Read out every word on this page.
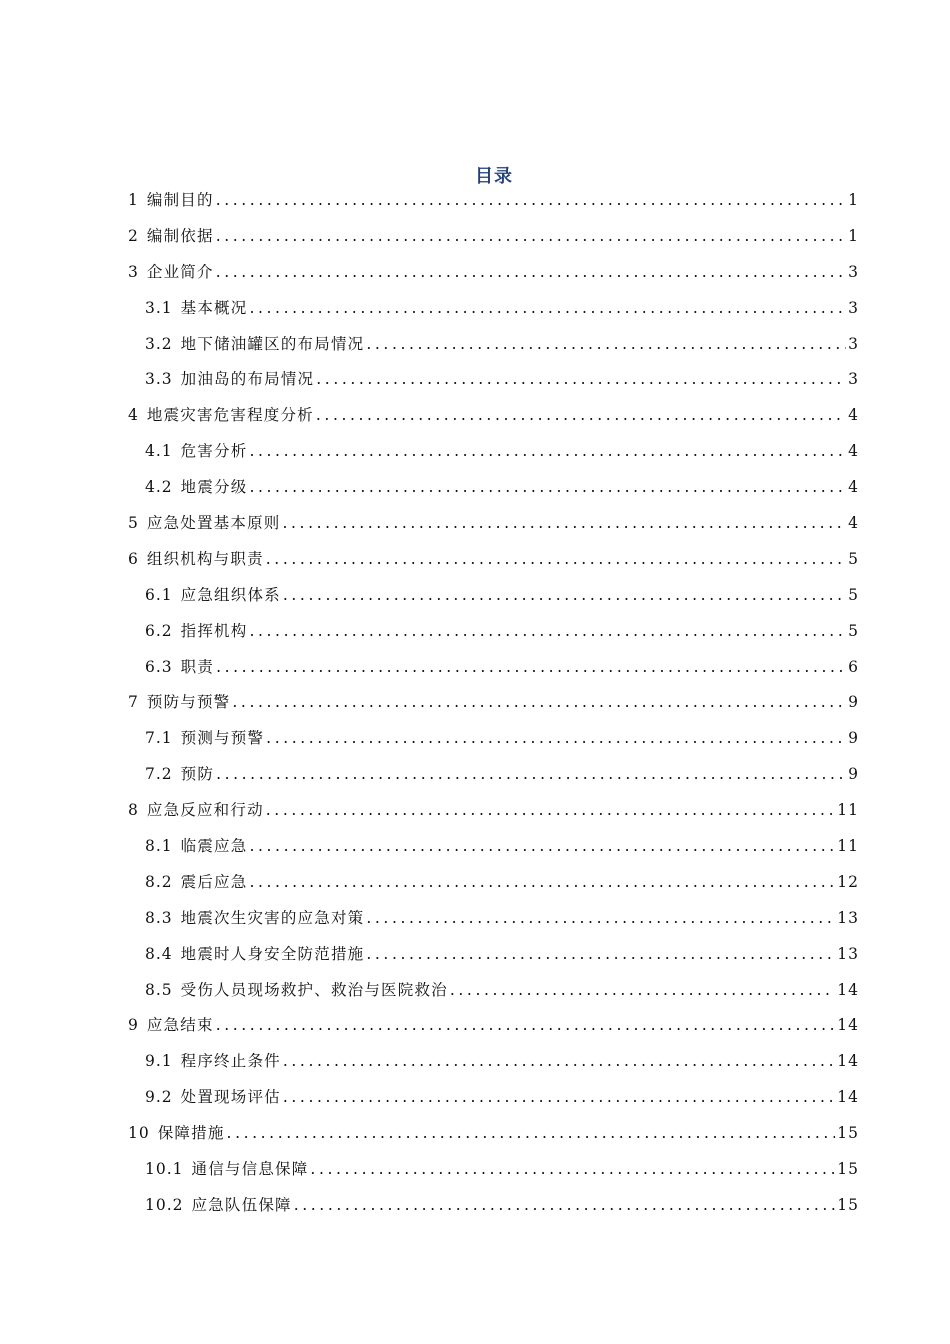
目录
1 编制目的 .....	1
2 编制依据 .....	1
3 企业简介 .....	3
3.1 基本概况 .....	3
3.2 地下储油罐区的布局情况 .....	3
3.3 加油岛的布局情况 .....	3
4 地震灾害危害程度分析 .....	4
4.1 危害分析 .....	4
4.2 地震分级 .....	4
5 应急处置基本原则 .....	4
6 组织机构与职责 .....	5
6.1 应急组织体系 .....	5
6.2 指挥机构 .....	5
6.3 职责 .....	6
7 预防与预警 .....	9
7.1 预测与预警 .....	9
7.2 预防 .....	9
8 应急反应和行动 .....	11
8.1 临震应急 .....	11
8.2 震后应急 .....	12
8.3 地震次生灾害的应急对策 .....	13
8.4 地震时人身安全防范措施 .....	13
8.5 受伤人员现场救护、救治与医院救治 .....	14
9 应急结束 .....	14
9.1 程序终止条件 .....	14
9.2 处置现场评估 .....	14
10 保障措施 .....	15
10.1 通信与信息保障 .....	15
10.2 应急队伍保障 .....	15
